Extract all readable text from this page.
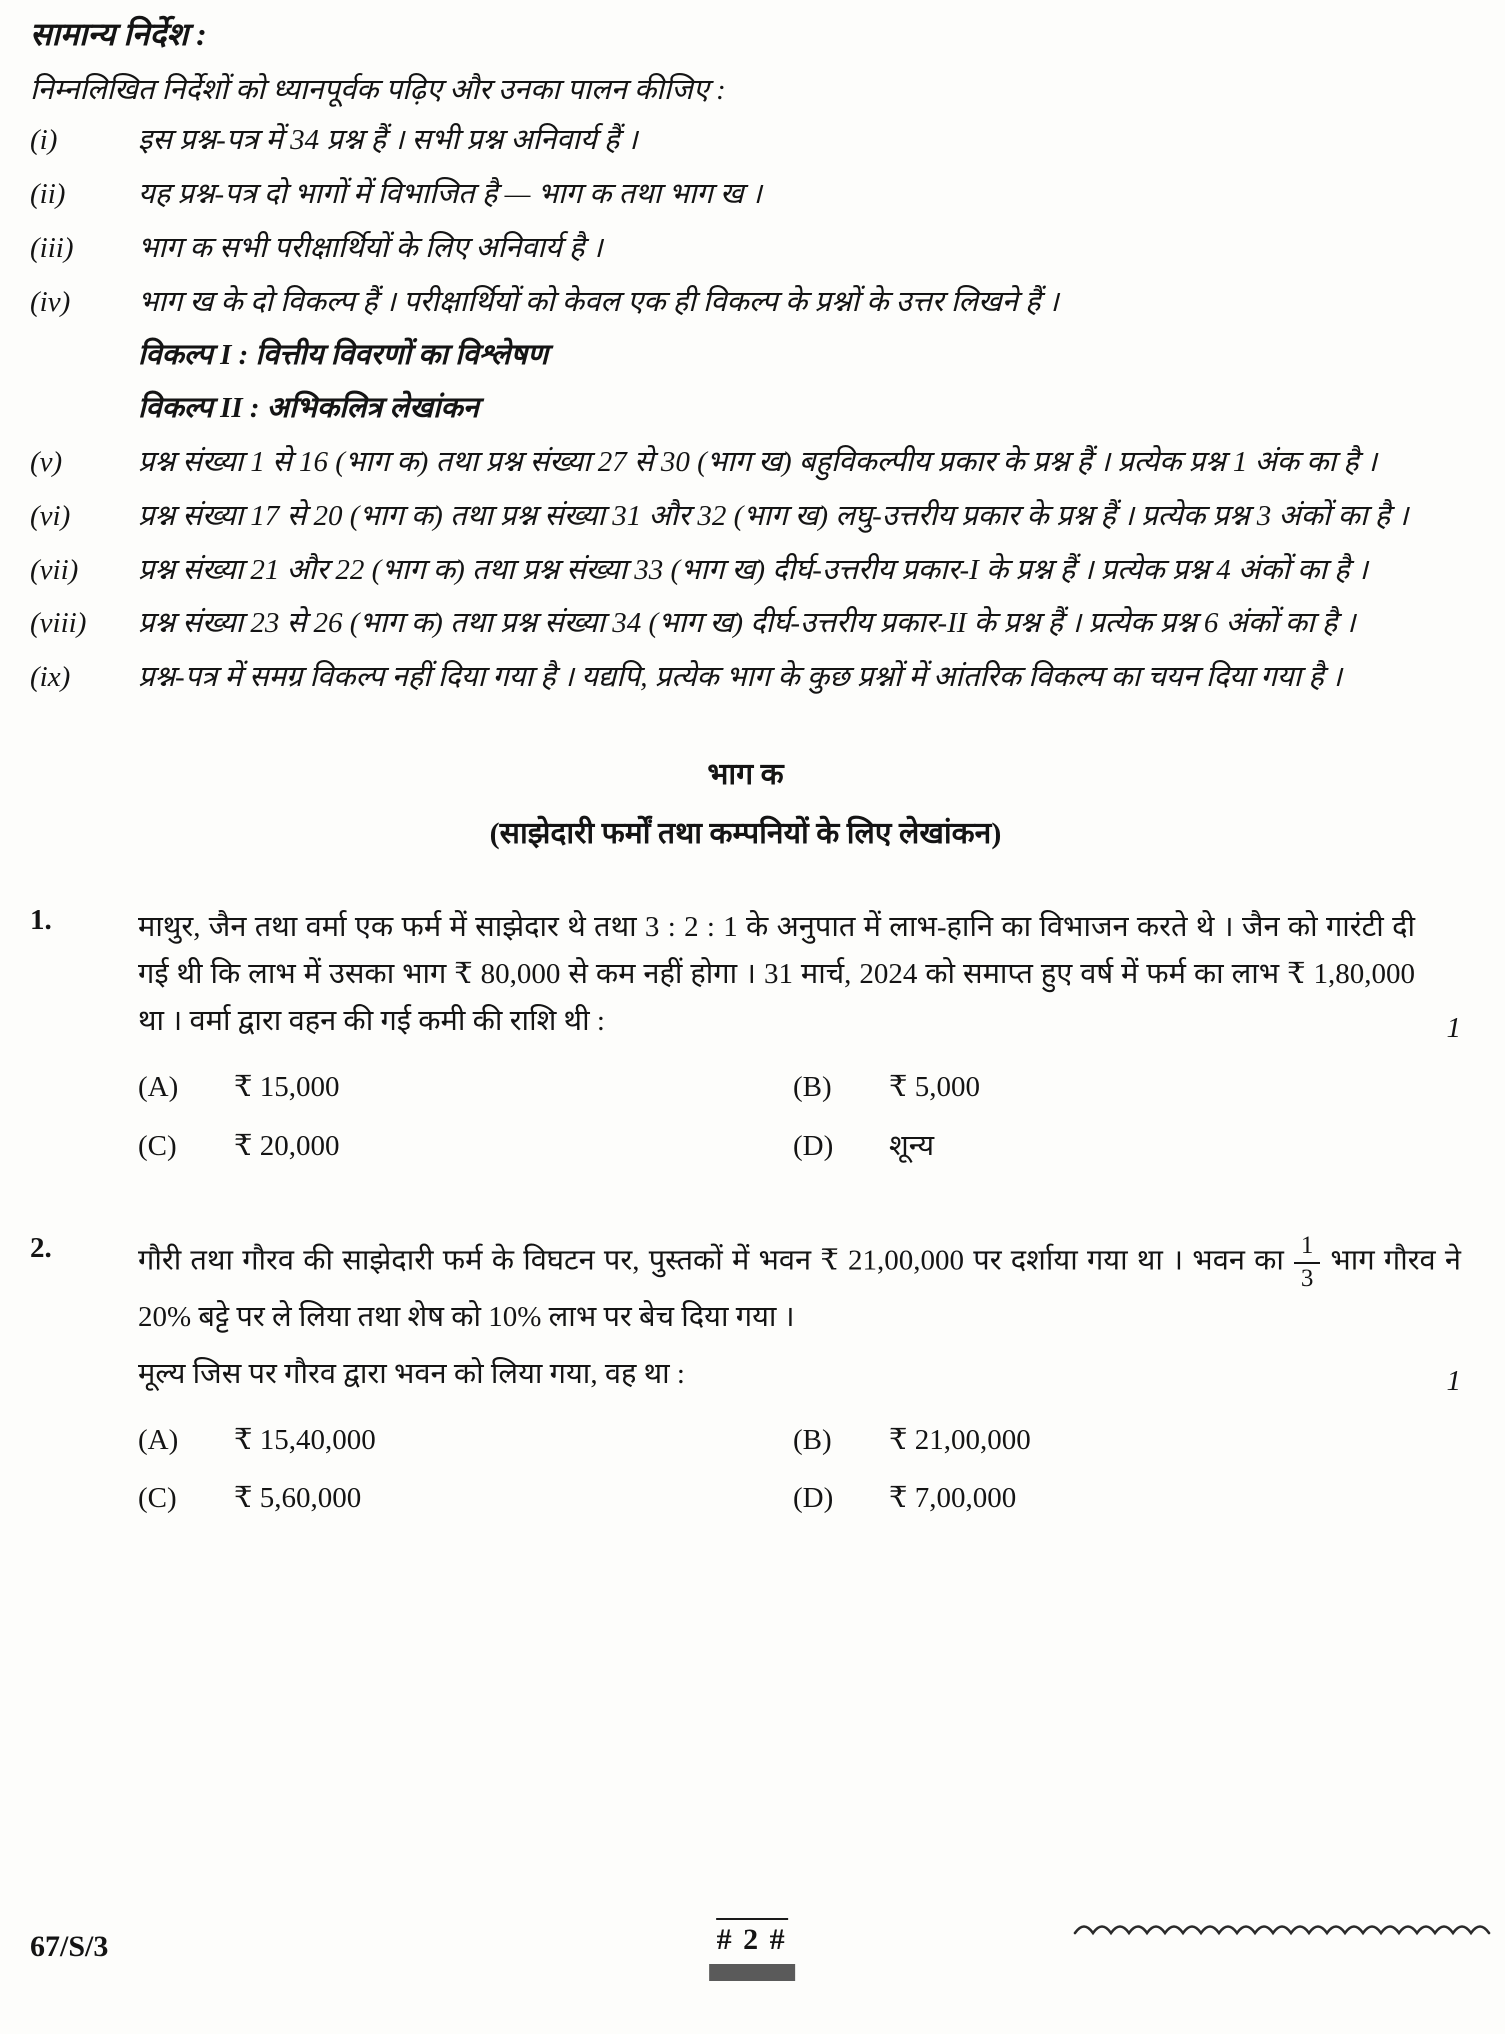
सामान्य निर्देश :
निम्नलिखित निर्देशों को ध्यानपूर्वक पढ़िए और उनका पालन कीजिए :
(i)	इस प्रश्न-पत्र में 34 प्रश्न हैं । सभी प्रश्न अनिवार्य हैं ।
(ii)	यह प्रश्न-पत्र दो भागों में विभाजित है — भाग क तथा भाग ख ।
(iii)	भाग क सभी परीक्षार्थियों के लिए अनिवार्य है ।
(iv)	भाग ख के दो विकल्प हैं । परीक्षार्थियों को केवल एक ही विकल्प के प्रश्नों के उत्तर लिखने हैं ।
विकल्प I : वित्तीय विवरणों का विश्लेषण
विकल्प II : अभिकलित्र लेखांकन
(v)	प्रश्न संख्या 1 से 16 (भाग क) तथा प्रश्न संख्या 27 से 30 (भाग ख) बहुविकल्पीय प्रकार के प्रश्न हैं । प्रत्येक प्रश्न 1 अंक का है ।
(vi)	प्रश्न संख्या 17 से 20 (भाग क) तथा प्रश्न संख्या 31 और 32 (भाग ख) लघु-उत्तरीय प्रकार के प्रश्न हैं । प्रत्येक प्रश्न 3 अंकों का है ।
(vii)	प्रश्न संख्या 21 और 22 (भाग क) तथा प्रश्न संख्या 33 (भाग ख) दीर्घ-उत्तरीय प्रकार-I के प्रश्न हैं । प्रत्येक प्रश्न 4 अंकों का है ।
(viii)	प्रश्न संख्या 23 से 26 (भाग क) तथा प्रश्न संख्या 34 (भाग ख) दीर्घ-उत्तरीय प्रकार-II के प्रश्न हैं । प्रत्येक प्रश्न 6 अंकों का है ।
(ix)	प्रश्न-पत्र में समग्र विकल्प नहीं दिया गया है । यद्यपि, प्रत्येक भाग के कुछ प्रश्नों में आंतरिक विकल्प का चयन दिया गया है ।
भाग क
(साझेदारी फर्मों तथा कम्पनियों के लिए लेखांकन)
1.	माथुर, जैन तथा वर्मा एक फर्म में साझेदार थे तथा 3 : 2 : 1 के अनुपात में लाभ-हानि का विभाजन करते थे । जैन को गारंटी दी गई थी कि लाभ में उसका भाग ₹ 80,000 से कम नहीं होगा । 31 मार्च, 2024 को समाप्त हुए वर्ष में फर्म का लाभ ₹ 1,80,000 था । वर्मा द्वारा वहन की गई कमी की राशि थी :	1
(A)	₹ 15,000	(B)	₹ 5,000
(C)	₹ 20,000	(D)	शून्य
2.	गौरी तथा गौरव की साझेदारी फर्म के विघटन पर, पुस्तकों में भवन ₹ 21,00,000 पर दर्शाया गया था । भवन का $\frac{1}{3}$ भाग गौरव ने 20% बट्टे पर ले लिया तथा शेष को 10% लाभ पर बेच दिया गया ।
मूल्य जिस पर गौरव द्वारा भवन को लिया गया, वह था :	1
(A)	₹ 15,40,000	(B)	₹ 21,00,000
(C)	₹ 5,60,000	(D)	₹ 7,00,000
67/S/3	# 2 #
